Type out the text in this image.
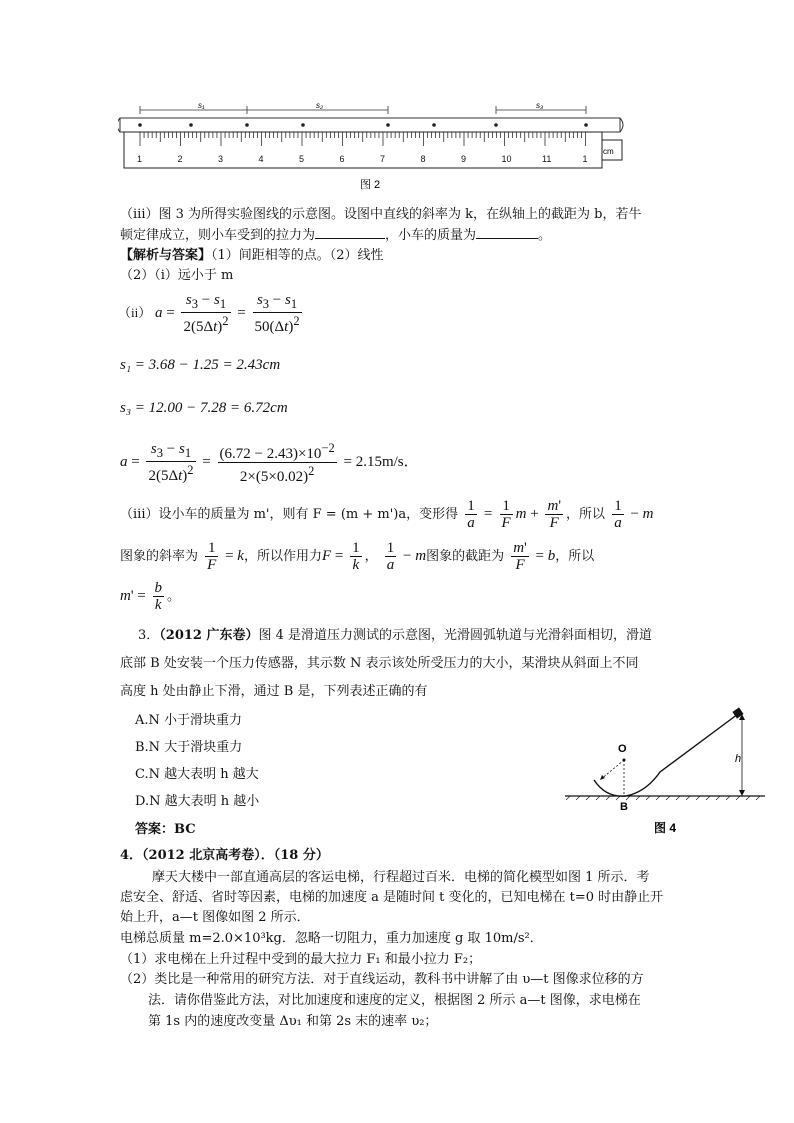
s₁	s₂	s₃
1	2	3	4	5	6	7	8	9	10	11	1
cm
图 2
（iii）图 3 为所得实验图线的示意图。设图中直线的斜率为 k，在纵轴上的截距为 b，若牛
顿定律成立，则小车受到的拉力为	，小车的质量为	。
【解析与答案】（1）间距相等的点。（2）线性
（2）（i）远小于 m
（ii） $a = \frac{s_3 - s_1}{2(5\Delta t)^2} = \frac{s_3 - s_1}{50(\Delta t)^2}$
s₁ = 3.68 − 1.25 = 2.43cm
s₃ = 12.00 − 7.28 = 6.72cm
$a = \frac{s_3 - s_1}{2(5\Delta t)^2} = \frac{(6.72 - 2.43)\times 10^{-2}}{2\times(5\times 0.02)^2} = 2.15m/s$．
（iii）设小车的质量为 m'，则有 F = (m + m')a，变形得 $\frac{1}{a} = \frac{1}{F}$ $m + \frac{m'}{F}$ ，所以 $\frac{1}{a} - m$
图象的斜率为 $\frac{1}{F} = k$，所以作用力$F = \frac{1}{k}$ ， $\frac{1}{a} - m$图象的截距为 $\frac{m'}{F} = b$，所以
$m' = \frac{b}{k}$ 。
3．（2012 广东卷）图 4 是滑道压力测试的示意图，光滑圆弧轨道与光滑斜面相切，滑道
底部 B 处安装一个压力传感器，其示数 N 表示该处所受压力的大小，某滑块从斜面上不同
高度 h 处由静止下滑，通过 B 是，下列表述正确的有
A.N 小于滑块重力
B.N 大于滑块重力
C.N 越大表明 h 越大
D.N 越大表明 h 越小
答案：BC
O
B
h
图 4
4．（2012 北京高考卷）．（18 分）
摩天大楼中一部直通高层的客运电梯，行程超过百米．电梯的简化模型如图 1 所示．考
虑安全、舒适、省时等因素，电梯的加速度 a 是随时间 t 变化的，已知电梯在 t=0 时由静止开
始上升，a—t 图像如图 2 所示．
电梯总质量 m=2.0×10³kg．忽略一切阻力，重力加速度 g 取 10m/s²．
（1）求电梯在上升过程中受到的最大拉力 F₁ 和最小拉力 F₂；
（2）类比是一种常用的研究方法．对于直线运动，教科书中讲解了由 υ—t 图像求位移的方
法．请你借鉴此方法，对比加速度和速度的定义，根据图 2 所示 a—t 图像，求电梯在
第 1s 内的速度改变量 Δυ₁ 和第 2s 末的速率 υ₂；
